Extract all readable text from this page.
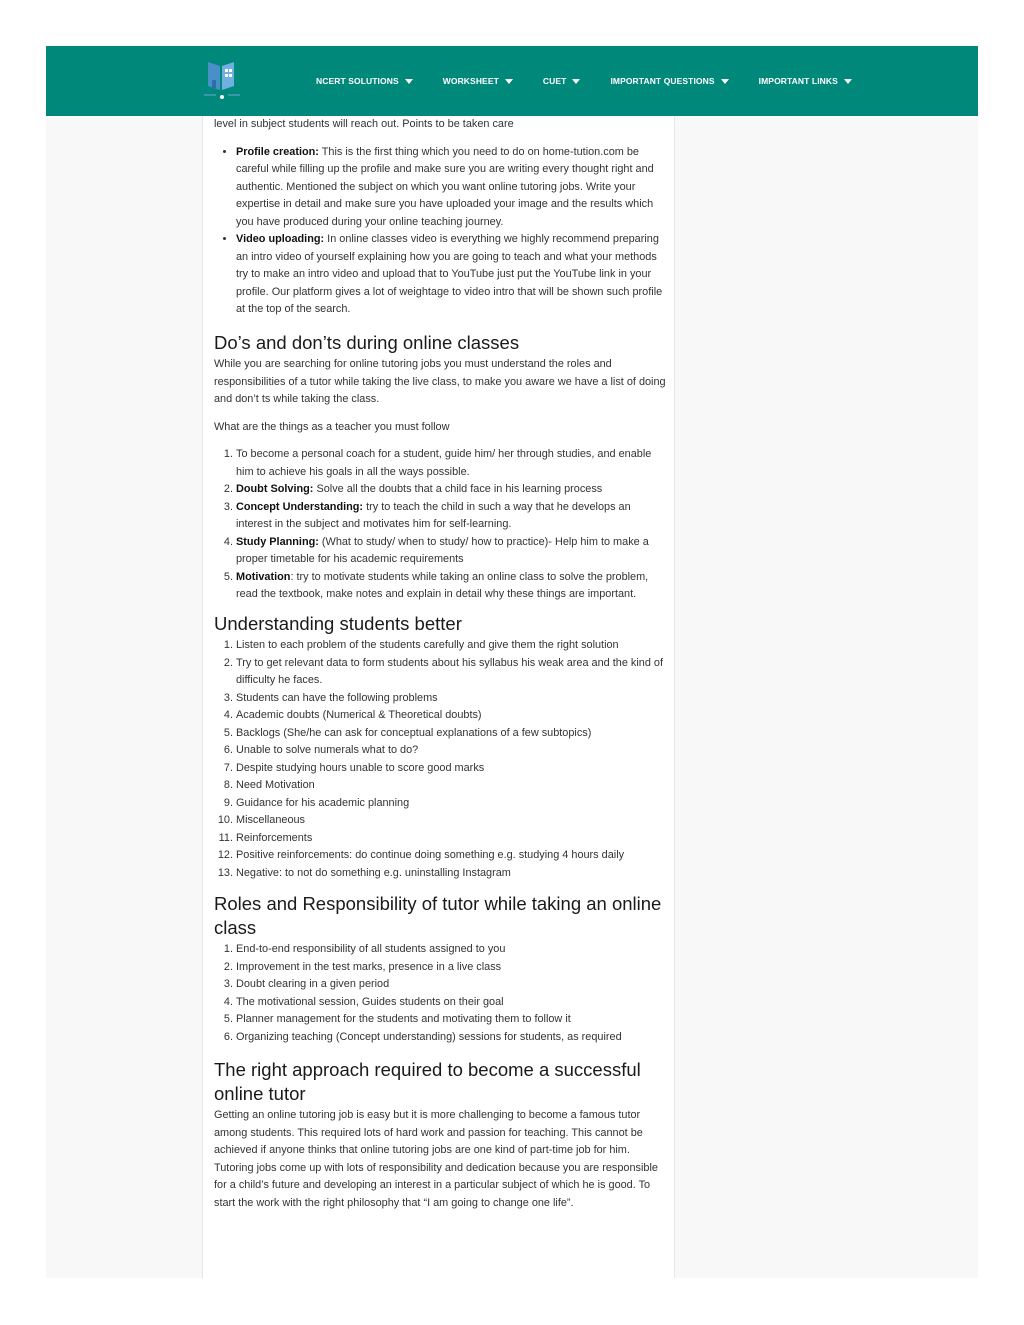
NCERT SOLUTIONS	WORKSHEET	CUET	IMPORTANT QUESTIONS	IMPORTANT LINKS

level in subject students will reach out. Points to be taken care

• Profile creation: This is the first thing which you need to do on home-tution.com be careful while filling up the profile and make sure you are writing every thought right and authentic. Mentioned the subject on which you want online tutoring jobs. Write your expertise in detail and make sure you have uploaded your image and the results which you have produced during your online teaching journey.
• Video uploading: In online classes video is everything we highly recommend preparing an intro video of yourself explaining how you are going to teach and what your methods try to make an intro video and upload that to YouTube just put the YouTube link in your profile. Our platform gives a lot of weightage to video intro that will be shown such profile at the top of the search.
Do’s and don’ts during online classes

While you are searching for online tutoring jobs you must understand the roles and responsibilities of a tutor while taking the live class, to make you aware we have a list of doing and don’t ts while taking the class.

What are the things as a teacher you must follow

1. To become a personal coach for a student, guide him/ her through studies, and enable him to achieve his goals in all the ways possible.
2. Doubt Solving: Solve all the doubts that a child face in his learning process
3. Concept Understanding: try to teach the child in such a way that he develops an interest in the subject and motivates him for self-learning.
4. Study Planning: (What to study/ when to study/ how to practice)- Help him to make a proper timetable for his academic requirements
5. Motivation: try to motivate students while taking an online class to solve the problem, read the textbook, make notes and explain in detail why these things are important.
Understanding students better
1. Listen to each problem of the students carefully and give them the right solution
2. Try to get relevant data to form students about his syllabus his weak area and the kind of difficulty he faces.
3. Students can have the following problems
4. Academic doubts (Numerical & Theoretical doubts)
5. Backlogs (She/he can ask for conceptual explanations of a few subtopics)
6. Unable to solve numerals what to do?
7. Despite studying hours unable to score good marks
8. Need Motivation
9. Guidance for his academic planning
10. Miscellaneous
11. Reinforcements
12. Positive reinforcements: do continue doing something e.g. studying 4 hours daily
13. Negative: to not do something e.g. uninstalling Instagram
Roles and Responsibility of tutor while taking an online class
1. End-to-end responsibility of all students assigned to you
2. Improvement in the test marks, presence in a live class
3. Doubt clearing in a given period
4. The motivational session, Guides students on their goal
5. Planner management for the students and motivating them to follow it
6. Organizing teaching (Concept understanding) sessions for students, as required
The right approach required to become a successful online tutor

Getting an online tutoring job is easy but it is more challenging to become a famous tutor among students. This required lots of hard work and passion for teaching. This cannot be achieved if anyone thinks that online tutoring jobs are one kind of part-time job for him. Tutoring jobs come up with lots of responsibility and dedication because you are responsible for a child’s future and developing an interest in a particular subject of which he is good. To start the work with the right philosophy that “I am going to change one life”.
